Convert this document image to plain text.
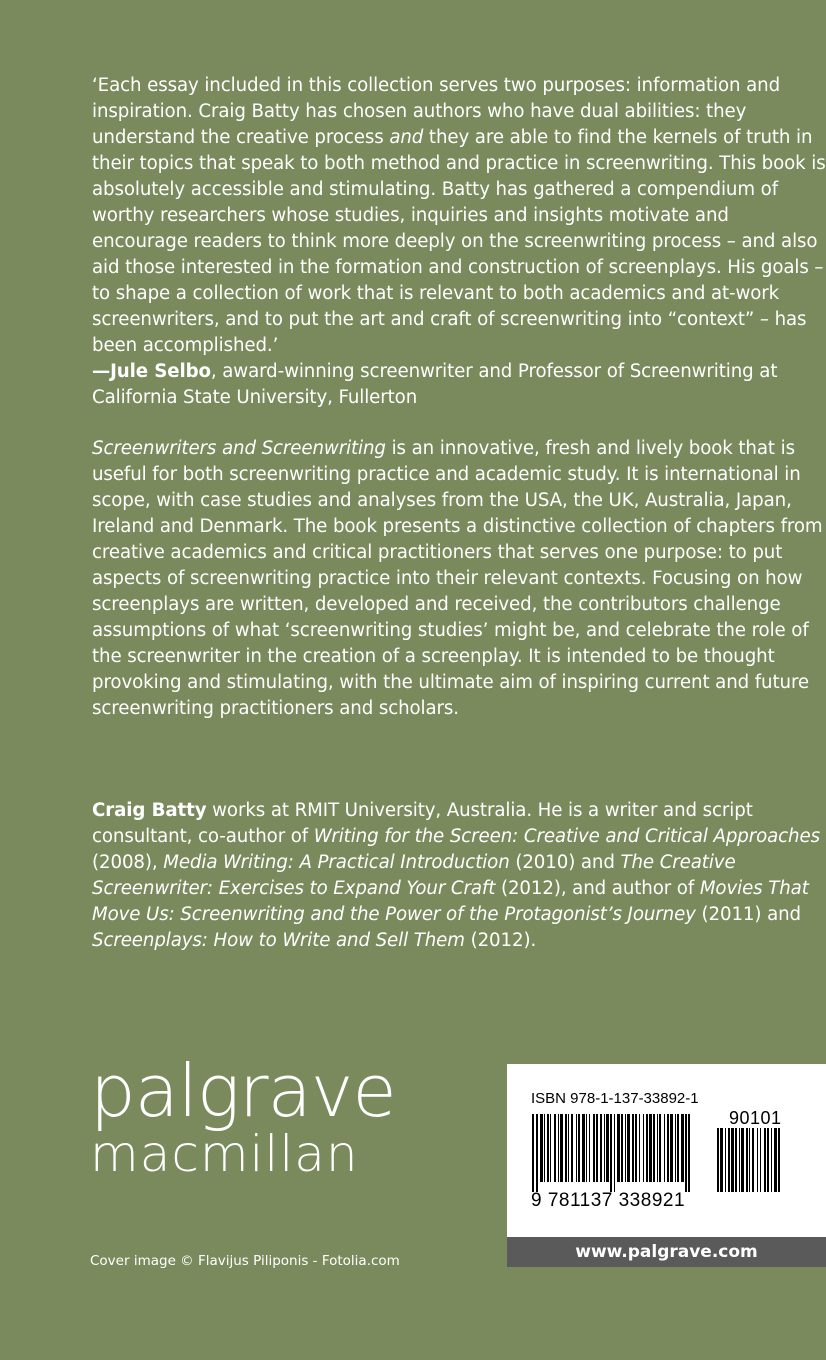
‘Each essay included in this collection serves two purposes: information and inspiration. Craig Batty has chosen authors who have dual abilities: they understand the creative process and they are able to find the kernels of truth in their topics that speak to both method and practice in screenwriting. This book is absolutely accessible and stimulating. Batty has gathered a compendium of worthy researchers whose studies, inquiries and insights motivate and encourage readers to think more deeply on the screenwriting process – and also aid those interested in the formation and construction of screenplays. His goals – to shape a collection of work that is relevant to both academics and at-work screenwriters, and to put the art and craft of screenwriting into “context” – has been accomplished.’
—Jule Selbo, award-winning screenwriter and Professor of Screenwriting at California State University, Fullerton

Screenwriters and Screenwriting is an innovative, fresh and lively book that is useful for both screenwriting practice and academic study. It is international in scope, with case studies and analyses from the USA, the UK, Australia, Japan, Ireland and Denmark. The book presents a distinctive collection of chapters from creative academics and critical practitioners that serves one purpose: to put aspects of screenwriting practice into their relevant contexts. Focusing on how screenplays are written, developed and received, the contributors challenge assumptions of what ‘screenwriting studies’ might be, and celebrate the role of the screenwriter in the creation of a screenplay. It is intended to be thought provoking and stimulating, with the ultimate aim of inspiring current and future screenwriting practitioners and scholars.

Craig Batty works at RMIT University, Australia. He is a writer and script consultant, co-author of Writing for the Screen: Creative and Critical Approaches (2008), Media Writing: A Practical Introduction (2010) and The Creative Screenwriter: Exercises to Expand Your Craft (2012), and author of Movies That Move Us: Screenwriting and the Power of the Protagonist’s Journey (2011) and Screenplays: How to Write and Sell Them (2012).

palgrave
macmillan
Cover image © Flavijus Piliponis - Fotolia.com
ISBN 978-1-137-33892-1
90101
9 781137 338921
www.palgrave.com
